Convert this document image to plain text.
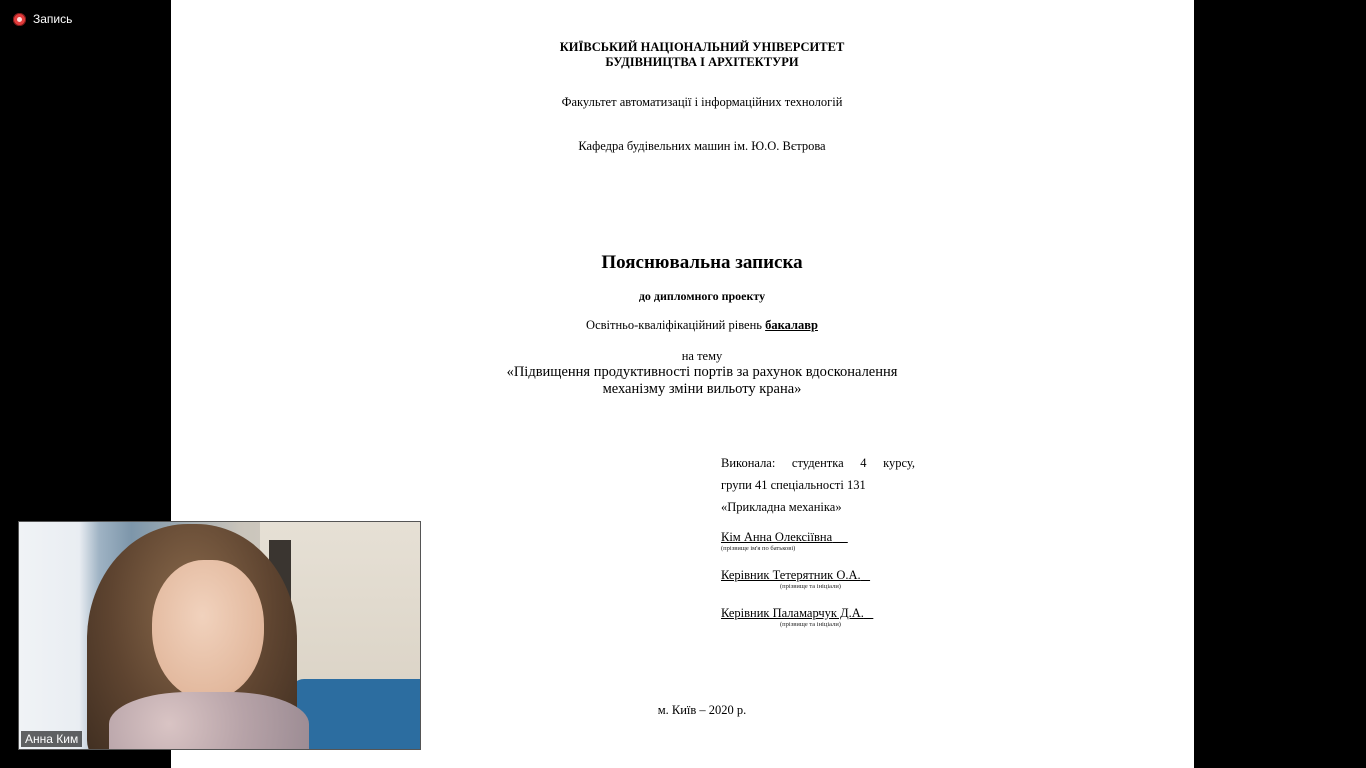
Запись
КИЇВСЬКИЙ НАЦІОНАЛЬНИЙ УНІВЕРСИТЕТ
БУДІВНИЦТВА І АРХІТЕКТУРИ
Факультет автоматизації і інформаційних технологій
Кафедра будівельних машин ім. Ю.О. Вєтрова
Пояснювальна записка
до дипломного проекту
Освітньо-кваліфікаційний рівень бакалавр
на тему
«Підвищення продуктивності портів за рахунок вдосконалення
механізму зміни вильоту крана»
Виконала: студентка 4 курсу,
групи 41 спеціальності 131
«Прикладна механіка»
Кім Анна Олексіївна
(прізвище ім'я по батькові)
Керівник Тетерятник О.А.
(прізвище та ініціали)
Керівник Паламарчук Д.А.
(прізвище та ініціали)
м. Київ – 2020 р.
Анна Ким
